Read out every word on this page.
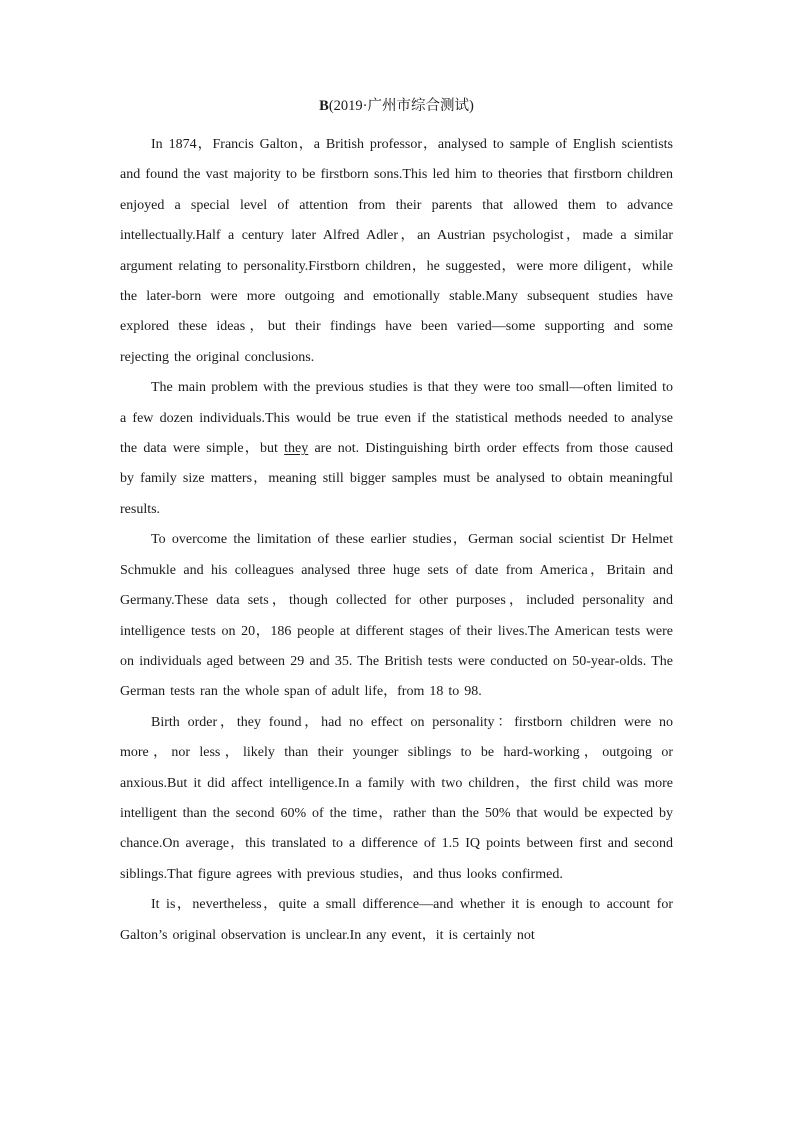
B(2019·广州市综合测试)

In 1874，Francis Galton，a British professor，analysed to sample of English scientists and found the vast majority to be firstborn sons.This led him to theories that firstborn children enjoyed a special level of attention from their parents that allowed them to advance intellectually.Half a century later Alfred Adler，an Austrian psychologist，made a similar argument relating to personality.Firstborn children，he suggested，were more diligent，while the later-born were more outgoing and emotionally stable.Many subsequent studies have explored these ideas，but their findings have been varied—some supporting and some rejecting the original conclusions.

The main problem with the previous studies is that they were too small—often limited to a few dozen individuals.This would be true even if the statistical methods needed to analyse the data were simple，but they are not. Distinguishing birth order effects from those caused by family size matters，meaning still bigger samples must be analysed to obtain meaningful results.

To overcome the limitation of these earlier studies，German social scientist Dr Helmet Schmukle and his colleagues analysed three huge sets of date from America，Britain and Germany.These data sets，though collected for other purposes，included personality and intelligence tests on 20，186 people at different stages of their lives.The American tests were on individuals aged between 29 and 35. The British tests were conducted on 50-year-olds. The German tests ran the whole span of adult life，from 18 to 98.

Birth order，they found，had no effect on personality：firstborn children were no more，nor less，likely than their younger siblings to be hard-working，outgoing or anxious.But it did affect intelligence.In a family with two children，the first child was more intelligent than the second 60% of the time，rather than the 50% that would be expected by chance.On average，this translated to a difference of 1.5 IQ points between first and second siblings.That figure agrees with previous studies，and thus looks confirmed.

It is，nevertheless，quite a small difference—and whether it is enough to account for Galton’s original observation is unclear.In any event，it is certainly not
